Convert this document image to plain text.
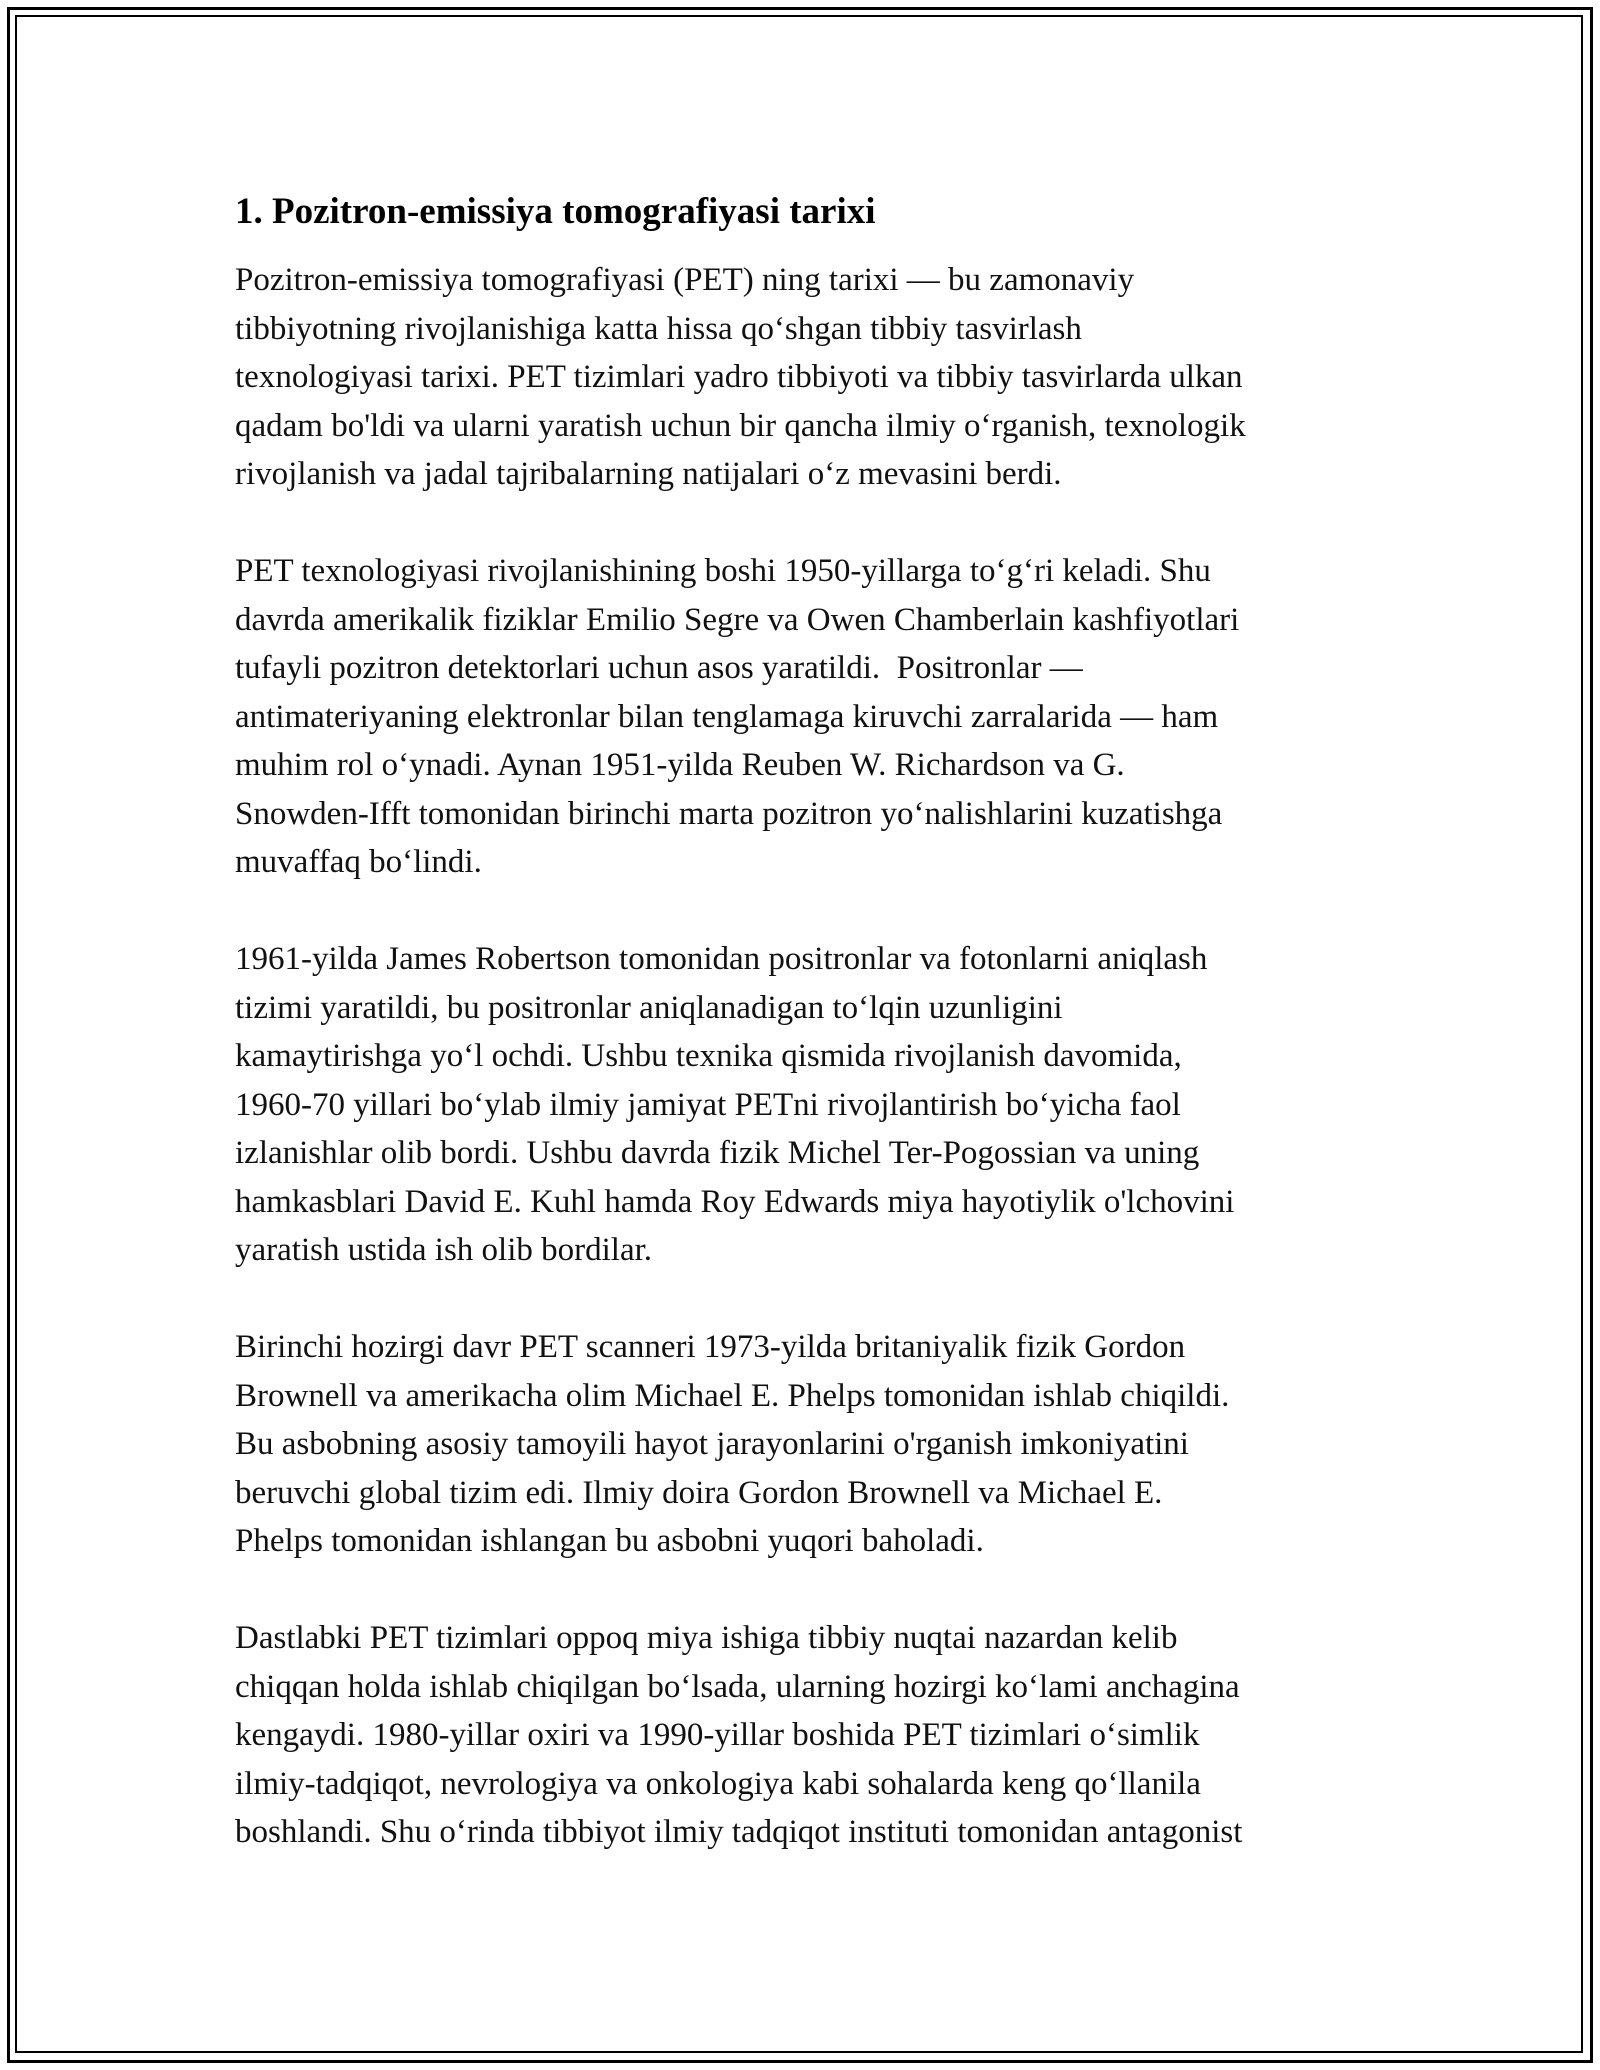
1. Pozitron-emissiya tomografiyasi tarixi

Pozitron-emissiya tomografiyasi (PET) ning tarixi — bu zamonaviy
tibbiyotning rivojlanishiga katta hissa qo‘shgan tibbiy tasvirlash
texnologiyasi tarixi. PET tizimlari yadro tibbiyoti va tibbiy tasvirlarda ulkan
qadam bo'ldi va ularni yaratish uchun bir qancha ilmiy o‘rganish, texnologik
rivojlanish va jadal tajribalarning natijalari o‘z mevasini berdi.

PET texnologiyasi rivojlanishining boshi 1950-yillarga to‘g‘ri keladi. Shu
davrda amerikalik fiziklar Emilio Segre va Owen Chamberlain kashfiyotlari
tufayli pozitron detektorlari uchun asos yaratildi.  Positronlar —
antimateriyaning elektronlar bilan tenglamaga kiruvchi zarralarida — ham
muhim rol o‘ynadi. Aynan 1951-yilda Reuben W. Richardson va G.
Snowden-Ifft tomonidan birinchi marta pozitron yo‘nalishlarini kuzatishga
muvaffaq bo‘lindi.

1961-yilda James Robertson tomonidan positronlar va fotonlarni aniqlash
tizimi yaratildi, bu positronlar aniqlanadigan to‘lqin uzunligini
kamaytirishga yo‘l ochdi. Ushbu texnika qismida rivojlanish davomida,
1960-70 yillari bo‘ylab ilmiy jamiyat PETni rivojlantirish bo‘yicha faol
izlanishlar olib bordi. Ushbu davrda fizik Michel Ter-Pogossian va uning
hamkasblari David E. Kuhl hamda Roy Edwards miya hayotiylik o'lchovini
yaratish ustida ish olib bordilar.

Birinchi hozirgi davr PET scanneri 1973-yilda britaniyalik fizik Gordon
Brownell va amerikacha olim Michael E. Phelps tomonidan ishlab chiqildi.
Bu asbobning asosiy tamoyili hayot jarayonlarini o'rganish imkoniyatini
beruvchi global tizim edi. Ilmiy doira Gordon Brownell va Michael E.
Phelps tomonidan ishlangan bu asbobni yuqori baholadi.

Dastlabki PET tizimlari oppoq miya ishiga tibbiy nuqtai nazardan kelib
chiqqan holda ishlab chiqilgan bo‘lsada, ularning hozirgi ko‘lami anchagina
kengaydi. 1980-yillar oxiri va 1990-yillar boshida PET tizimlari o‘simlik
ilmiy-tadqiqot, nevrologiya va onkologiya kabi sohalarda keng qo‘llanila
boshlandi. Shu o‘rinda tibbiyot ilmiy tadqiqot instituti tomonidan antagonist
